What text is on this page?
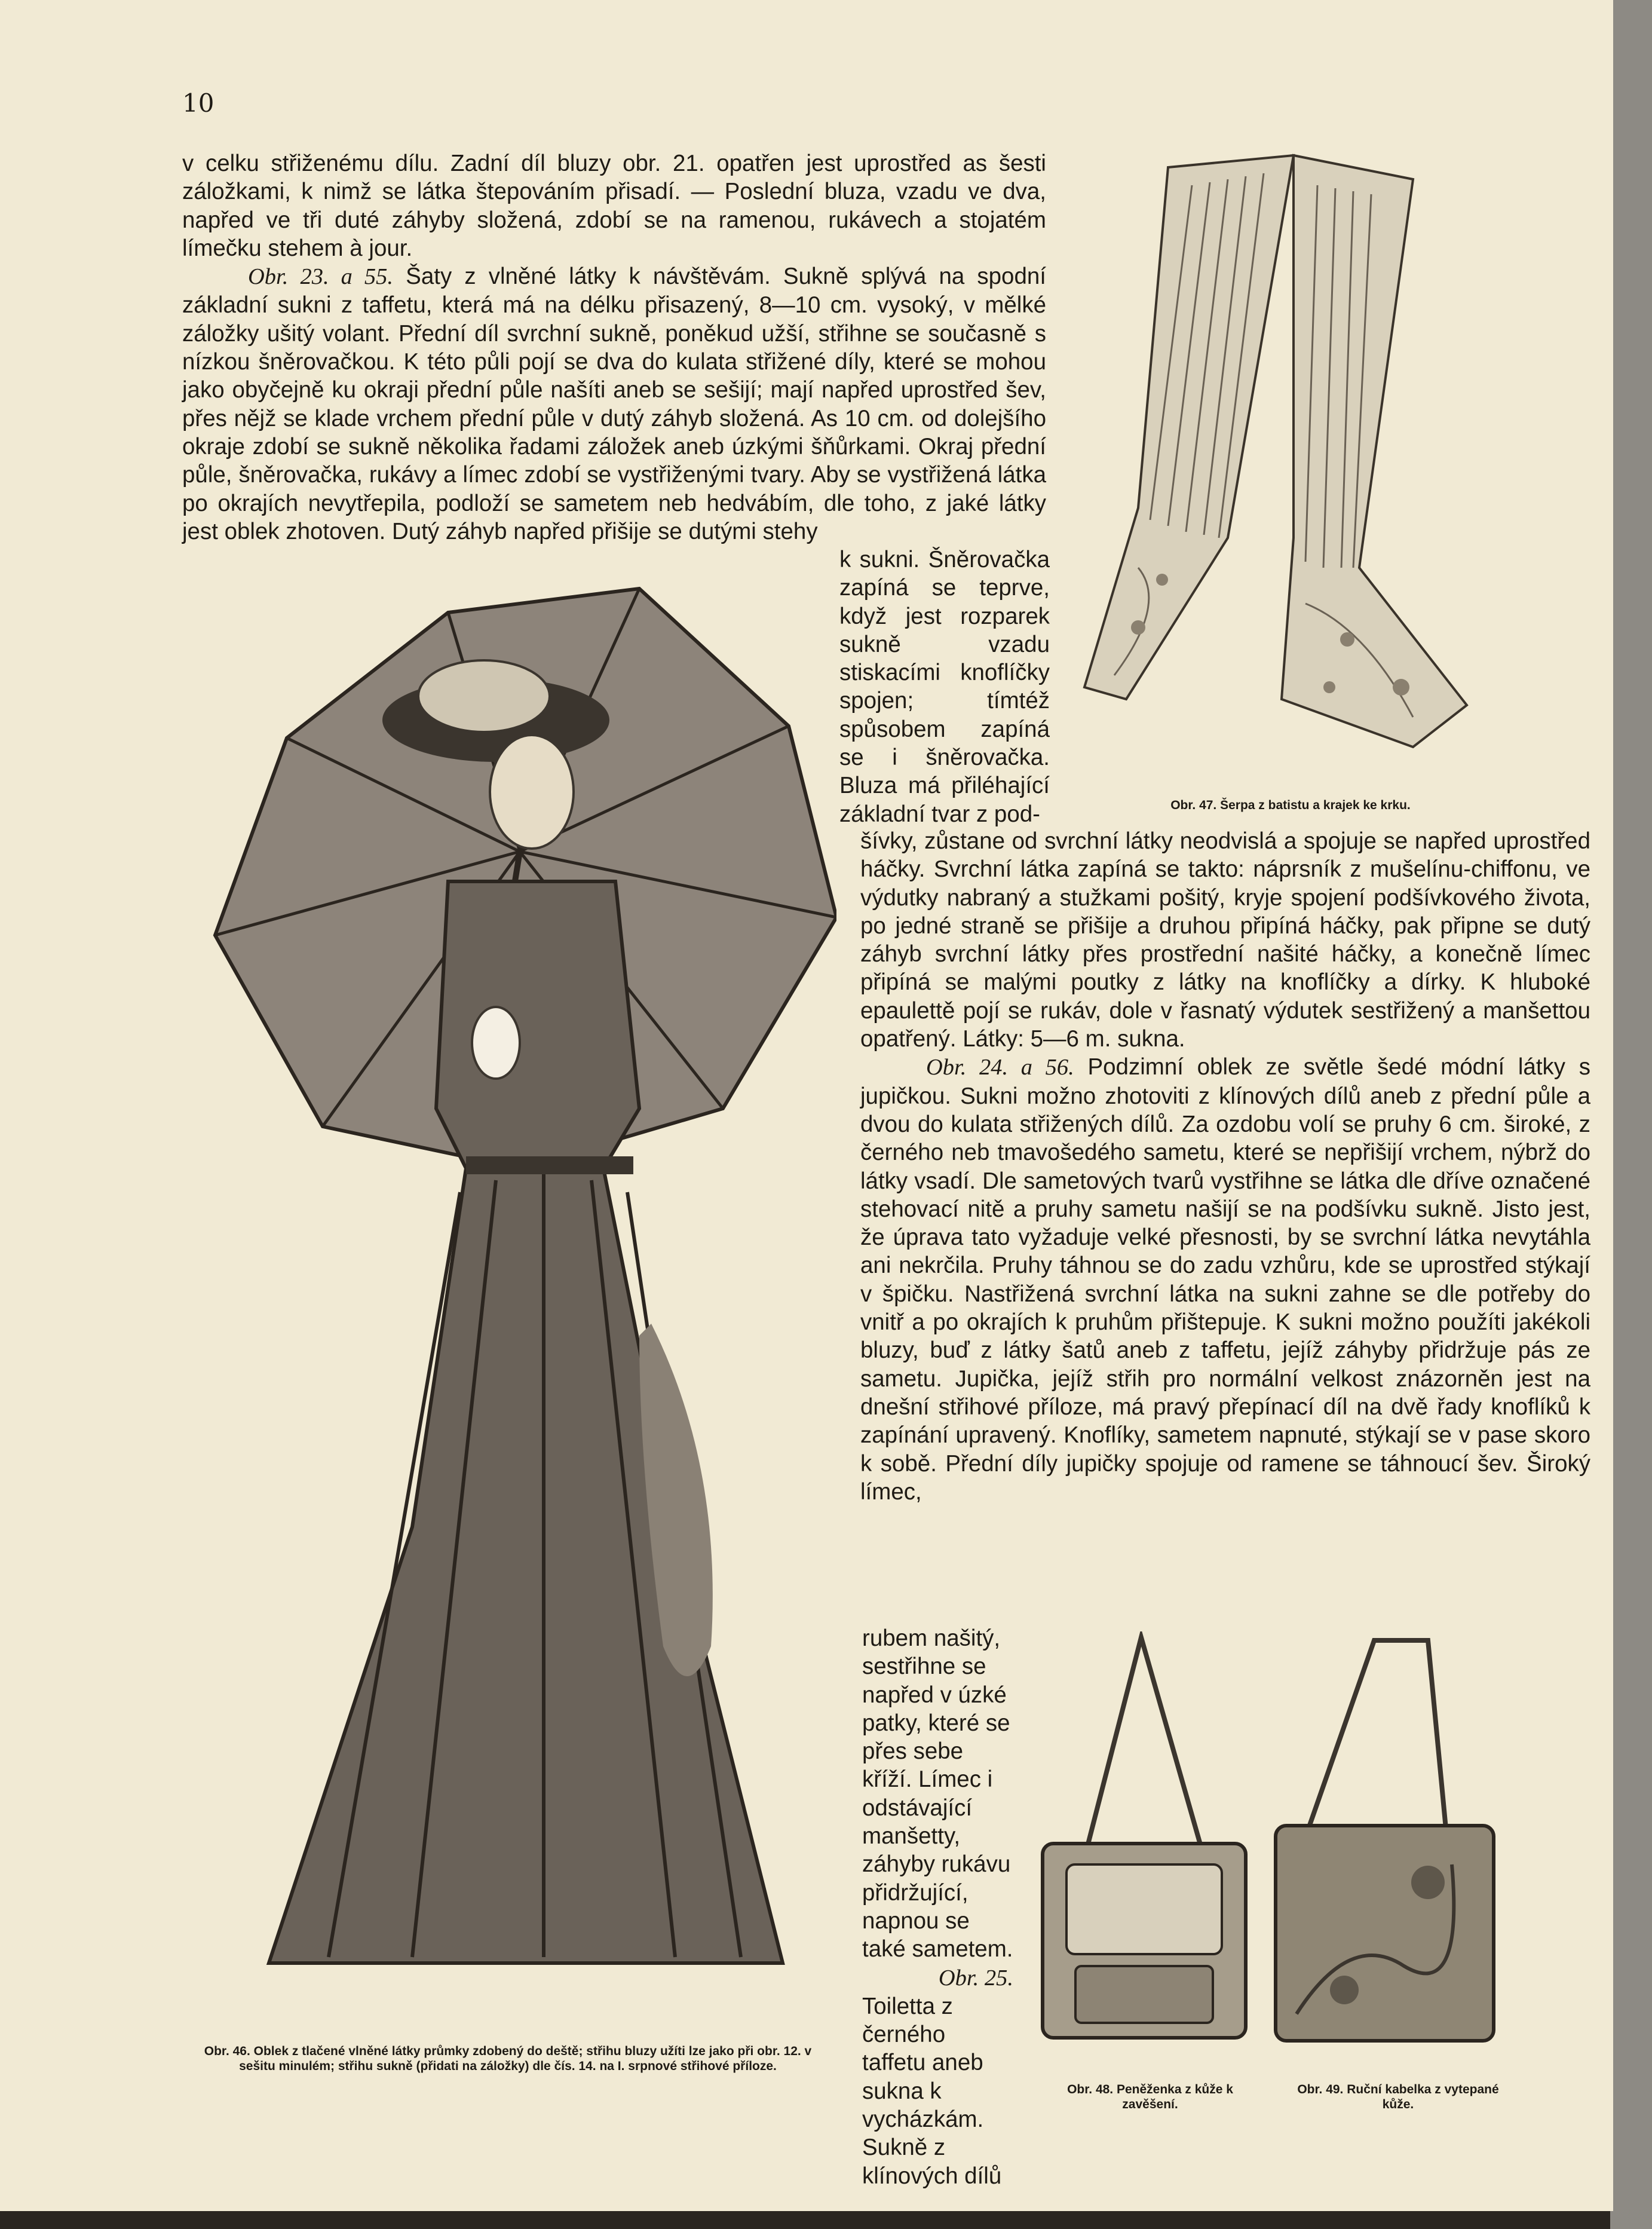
10

v celku střiženému dílu. Zadní díl bluzy obr. 21. opatřen jest uprostřed as šesti záložkami, k nimž se látka štepováním přisadí. — Poslední bluza, vzadu ve dva, napřed ve tři duté záhyby složená, zdobí se na ramenou, rukávech a stojatém límečku stehem à jour.

Obr. 23. a 55. Šaty z vlněné látky k návštěvám. Sukně splývá na spodní základní sukni z taffetu, která má na délku přisazený, 8—10 cm. vysoký, v mělké záložky ušitý volant. Přední díl svrchní sukně, poněkud užší, střihne se současně s nízkou šněrovačkou. K této půli pojí se dva do kulata střižené díly, které se mohou jako obyčejně ku okraji přední půle našíti aneb se sešijí; mají napřed uprostřed šev, přes nějž se klade vrchem přední půle v dutý záhyb složená. As 10 cm. od dolejšího okraje zdobí se sukně několika řadami záložek aneb úzkými šňůrkami. Okraj přední půle, šněrovačka, rukávy a límec zdobí se vystřiženými tvary. Aby se vystřižená látka po okrajích nevytřepila, podloží se sametem neb hedvábím, dle toho, z jaké látky jest oblek zhotoven. Dutý záhyb napřed přišije se dutými stehy

k sukni. Šněrovačka zapíná se teprve, když jest rozparek sukně vzadu stiskacími knoflíčky spojen; tímtéž spůsobem zapíná se i šněrovačka. Bluza má přiléhající základní tvar z pod-

šívky, zůstane od svrchní látky neodvislá a spojuje se napřed uprostřed háčky. Svrchní látka zapíná se takto: náprsník z mušelínu-chiffonu, ve výdutky nabraný a stužkami pošitý, kryje spojení podšívkového života, po jedné straně se přišije a druhou připíná háčky, pak připne se dutý záhyb svrchní látky přes prostřední našité háčky, a konečně límec připíná se malými poutky z látky na knoflíčky a dírky. K hluboké epaulettě pojí se rukáv, dole v řasnatý výdutek sestřižený a manšettou opatřený. Látky: 5—6 m. sukna.

Obr. 24. a 56. Podzimní oblek ze světle šedé módní látky s jupičkou. Sukni možno zhotoviti z klínových dílů aneb z přední půle a dvou do kulata střižených dílů. Za ozdobu volí se pruhy 6 cm. široké, z černého neb tmavošedého sametu, které se nepřišijí vrchem, nýbrž do látky vsadí. Dle sametových tvarů vystřihne se látka dle dříve označené stehovací nitě a pruhy sametu našijí se na podšívku sukně. Jisto jest, že úprava tato vyžaduje velké přesnosti, by se svrchní látka nevytáhla ani nekrčila. Pruhy táhnou se do zadu vzhůru, kde se uprostřed stýkají v špičku. Nastřižená svrchní látka na sukni zahne se dle potřeby do vnitř a po okrajích k pruhům přištepuje. K sukni možno použíti jakékoli bluzy, buď z látky šatů aneb z taffetu, jejíž záhyby přidržuje pás ze sametu. Jupička, jejíž střih pro normální velkost znázorněn jest na dnešní střihové příloze, má pravý přepínací díl na dvě řady knoflíků k zapínání upravený. Knoflíky, sametem napnuté, stýkají se v pase skoro k sobě. Přední díly jupičky spojuje od ramene se táhnoucí šev. Široký límec,

rubem našitý, sestřihne se napřed v úzké patky, které se přes sebe kříží. Límec i odstávající manšetty, záhyby rukávu přidržující, napnou se také sametem.

Obr. 25.

Toiletta z černého taffetu aneb sukna k vycházkám. Sukně z klínových dílů

Obr. 47. Šerpa z batistu a krajek ke krku.
Obr. 46. Oblek z tlačené vlněné látky průmky zdobený do deště; střihu bluzy užíti lze jako při obr. 12. v sešitu minulém; střihu sukně (přidati na záložky) dle čís. 14. na I. srpnové střihové příloze.
Obr. 48. Peněženka z kůže k zavěšení.
Obr. 49. Ruční kabelka z vytepané kůže.
